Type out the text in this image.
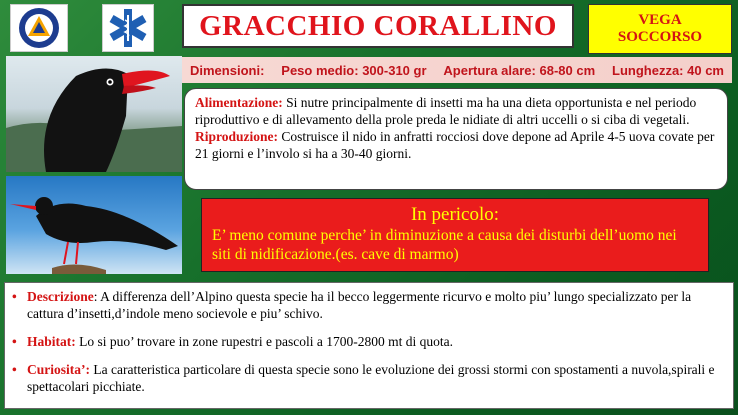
GRACCHIO CORALLINO	VEGA
SOCCORSO
Dimensioni: Peso medio: 300-310 gr Apertura alare: 68-80 cm Lunghezza: 40 cm

Alimentazione: Si nutre principalmente di insetti ma ha una dieta opportunista e nel periodo riproduttivo e di allevamento della prole preda le nidiate di altri uccelli o si ciba di vegetali.

Riproduzione: Costruisce il nido in anfratti rocciosi dove depone ad Aprile 4-5 uova covate per 21 giorni e l’involo si ha a 30-40 giorni.

In pericolo:
E’ meno comune perche’ in diminuzione a causa dei disturbi dell’uomo nei siti di nidificazione.(es. cave di marmo)

• Descrizione: A differenza dell’Alpino questa specie ha il becco leggermente ricurvo e molto piu’ lungo specializzato per la cattura d’insetti,d’indole meno socievole e piu’ schivo.

• Habitat: Lo si puo’ trovare in zone rupestri e pascoli a 1700-2800 mt di quota.

• Curiosita’: La caratteristica particolare di questa specie sono le evoluzione dei grossi stormi con spostamenti a nuvola,spirali e spettacolari picchiate.
